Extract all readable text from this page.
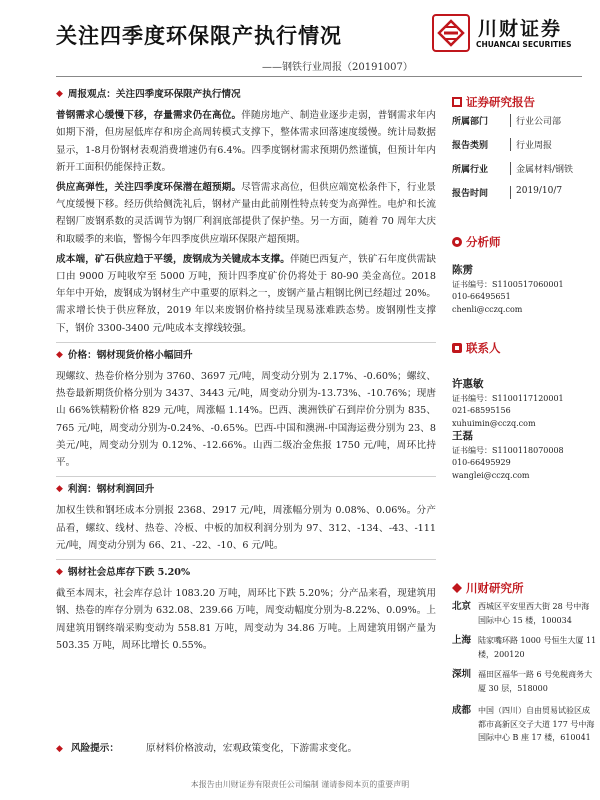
关注四季度环保限产执行情况
——钢铁行业周报（20191007）
川财证券
CHUANCAI SECURITIES
◆ 周报观点：关注四季度环保限产执行情况

普钢需求心缓慢下移，存量需求仍在高位。伴随房地产、制造业逐步走弱，普钢需求年内如期下滑，但房屋低库存和房企高周转模式支撑下，整体需求回落速度缓慢。统计局数据显示，1-8月份钢材表观消费增速仍有6.4%。四季度钢材需求预期仍然谨慎，但预计年内新开工面积仍能保持正数。

供应高弹性，关注四季度环保潜在超预期。尽管需求高位，但供应端宽松条件下，行业景气度缓慢下移。经历供给侧洗礼后，钢材产量由此前刚性特点转变为高弹性。电炉和长流程钢厂废钢系数的灵活调节为钢厂利润底部提供了保护垫。另一方面，随着 70 周年大庆和取暖季的来临，警惕今年四季度供应端环保限产超预期。

成本端，矿石供应趋于平缓，废钢成为关键成本支撑。伴随巴西复产，铁矿石年度供需缺口由 9000 万吨收窄至 5000 万吨，预计四季度矿价仍将处于 80-90 美金高位。2018 年年中开始，废钢成为钢材生产中重要的原料之一，废钢产量占粗钢比例已经超过 20%。需求增长快于供应释放，2019 年以来废钢价格持续呈现易涨难跌态势。废钢刚性支撑下，钢价 3300-3400 元/吨成本支撑线较强。

◆ 价格：钢材现货价格小幅回升

现螺纹、热卷价格分别为 3760、3697 元/吨，周变动分别为 2.17%、-0.60%；螺纹、热卷最新期货价格分别为 3437、3443 元/吨，周变动分别为-13.73%、-10.76%；现唐山 66%铁精粉价格 829 元/吨，周涨幅 1.14%。巴西、澳洲铁矿石到岸价分别为 835、765 元/吨，周变动分别为-0.24%、-0.65%。巴西-中国和澳洲-中国海运费分别为 23、8 美元/吨，周变动分别为 0.12%、-12.66%。山西二级冶金焦报 1750 元/吨，周环比持平。

◆ 利润：钢材利润回升

加权生铁和钢坯成本分别报 2368、2917 元/吨，周涨幅分别为 0.08%、0.06%。分产品看，螺纹、线材、热卷、冷板、中板的加权利润分别为 97、312、-134、-43、-111 元/吨，周变动分别为 66、21、-22、-10、6 元/吨。

◆ 钢材社会总库存下跌 5.20%

截至本周末，社会库存总计 1083.20 万吨，周环比下跌 5.20%；分产品来看，现建筑用钢、热卷的库存分别为 632.08、239.66 万吨，周变动幅度分别为-8.22%、0.09%。上周建筑用钢终端采购变动为 558.81 万吨，周变动为 34.86 万吨。上周建筑用钢产量为 503.35 万吨，周环比增长 0.55%。

◆ 风险提示：	原材料价格波动，宏观政策变化，下游需求变化。
本报告由川财证券有限责任公司编制 谨请参阅本页的重要声明
证券研究报告
所属部门	行业公司部
报告类别	行业周报
所属行业	金属材料/钢铁
报告时间	2019/10/7
分析师
陈雳
证书编号：S1100517060001
010-66495651
chenli@cczq.com
联系人
许惠敏
证书编号：S1100117120001
021-68595156
xuhuimin@cczq.com
王磊
证书编号：S1100118070008
010-66495929
wanglei@cczq.com
川财研究所
北京 西城区平安里西大街 28 号中海国际中心 15 楼，100034
上海 陆家嘴环路 1000 号恒生大厦 11 楼，200120
深圳 福田区福华一路 6 号免税商务大厦 30 层，518000
成都 中国（四川）自由贸易试验区成都市高新区交子大道 177 号中海国际中心 B 座 17 楼，610041
